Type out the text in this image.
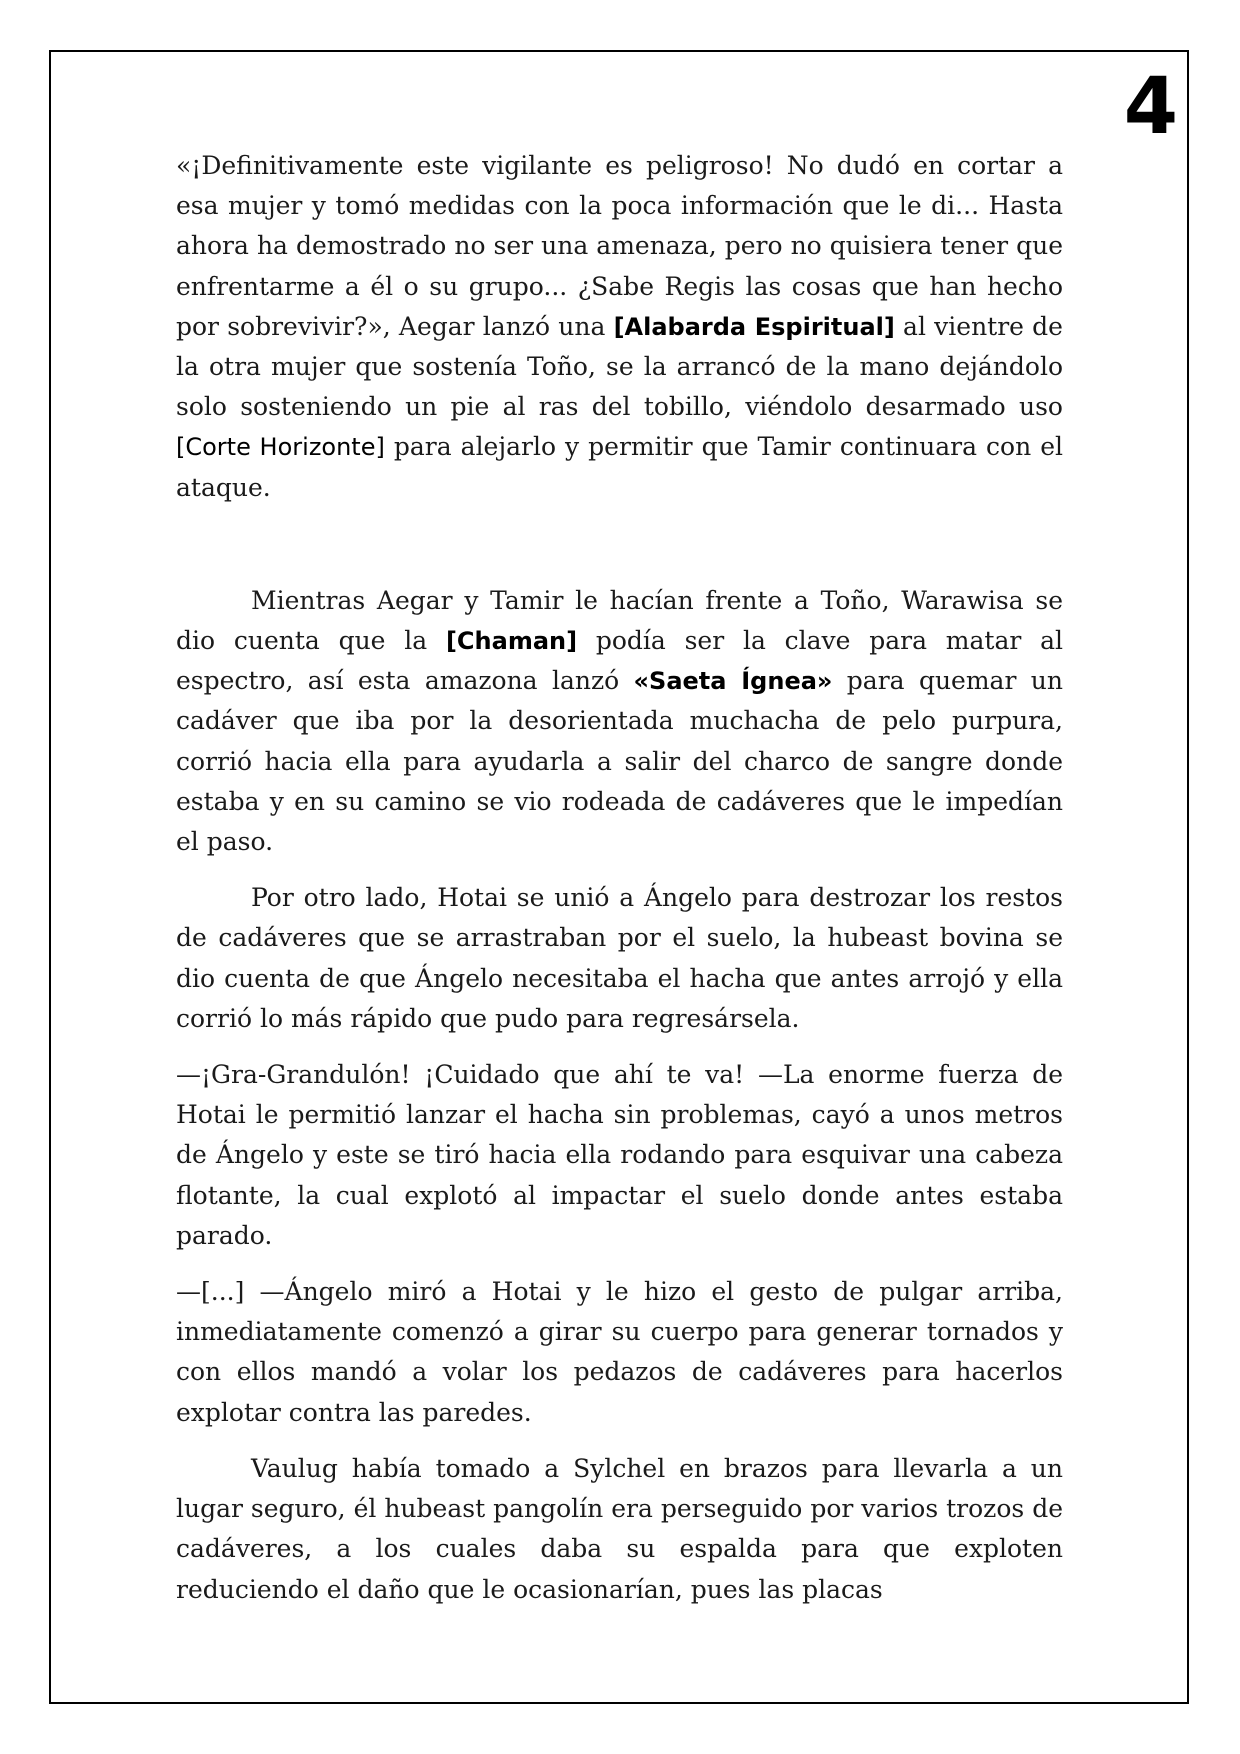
4

«¡Definitivamente este vigilante es peligroso! No dudó en cortar a esa mujer y tomó medidas con la poca información que le di... Hasta ahora ha demostrado no ser una amenaza, pero no quisiera tener que enfrentarme a él o su grupo... ¿Sabe Regis las cosas que han hecho por sobrevivir?», Aegar lanzó una [Alabarda Espiritual] al vientre de la otra mujer que sostenía Toño, se la arrancó de la mano dejándolo solo sosteniendo un pie al ras del tobillo, viéndolo desarmado uso [Corte Horizonte] para alejarlo y permitir que Tamir continuara con el ataque.

Mientras Aegar y Tamir le hacían frente a Toño, Warawisa se dio cuenta que la [Chaman] podía ser la clave para matar al espectro, así esta amazona lanzó «Saeta Ígnea» para quemar un cadáver que iba por la desorientada muchacha de pelo purpura, corrió hacia ella para ayudarla a salir del charco de sangre donde estaba y en su camino se vio rodeada de cadáveres que le impedían el paso.

Por otro lado, Hotai se unió a Ángelo para destrozar los restos de cadáveres que se arrastraban por el suelo, la hubeast bovina se dio cuenta de que Ángelo necesitaba el hacha que antes arrojó y ella corrió lo más rápido que pudo para regresársela.

—¡Gra-Grandulón! ¡Cuidado que ahí te va! —La enorme fuerza de Hotai le permitió lanzar el hacha sin problemas, cayó a unos metros de Ángelo y este se tiró hacia ella rodando para esquivar una cabeza flotante, la cual explotó al impactar el suelo donde antes estaba parado.

—[...] —Ángelo miró a Hotai y le hizo el gesto de pulgar arriba, inmediatamente comenzó a girar su cuerpo para generar tornados y con ellos mandó a volar los pedazos de cadáveres para hacerlos explotar contra las paredes.

Vaulug había tomado a Sylchel en brazos para llevarla a un lugar seguro, él hubeast pangolín era perseguido por varios trozos de cadáveres, a los cuales daba su espalda para que exploten reduciendo el daño que le ocasionarían, pues las placas
